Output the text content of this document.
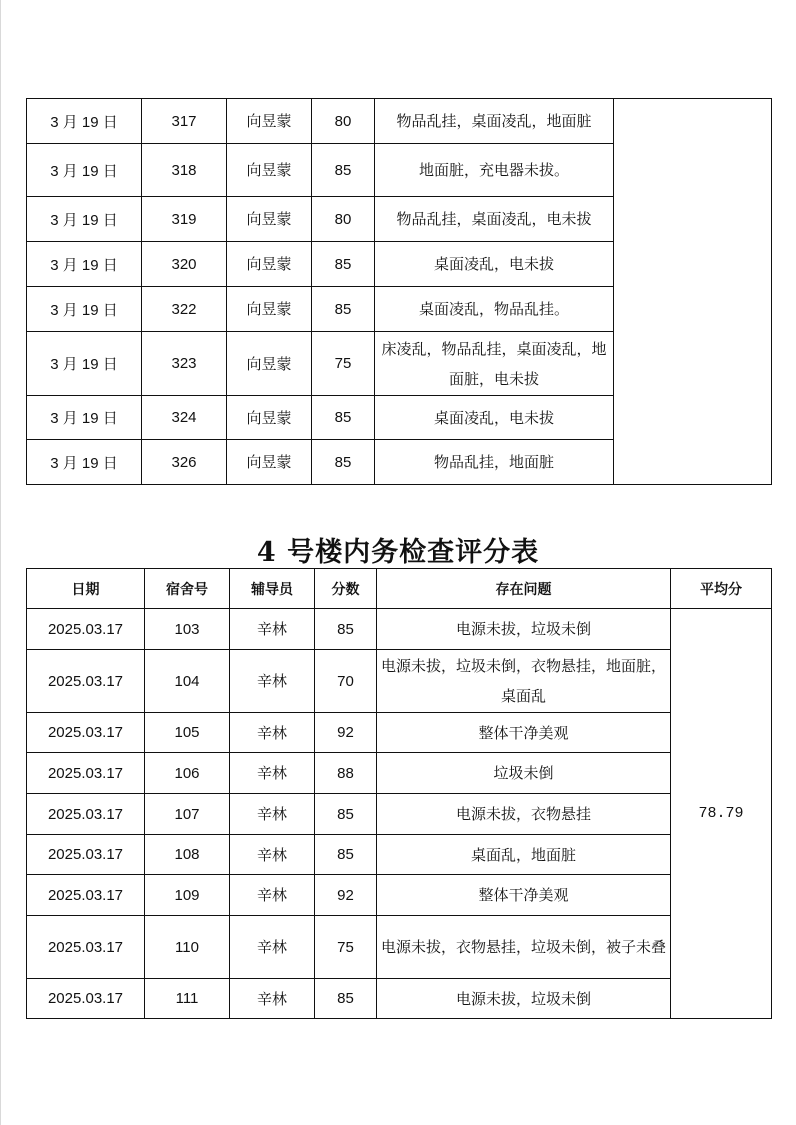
3 月 19 日	317	向昱蒙	80	物品乱挂，桌面凌乱，地面脏	
3 月 19 日	318	向昱蒙	85	地面脏，充电器未拔。	
3 月 19 日	319	向昱蒙	80	物品乱挂，桌面凌乱，电未拔	
3 月 19 日	320	向昱蒙	85	桌面凌乱，电未拔	
3 月 19 日	322	向昱蒙	85	桌面凌乱，物品乱挂。	
3 月 19 日	323	向昱蒙	75	床凌乱，物品乱挂，桌面凌乱，地面脏，电未拔	
3 月 19 日	324	向昱蒙	85	桌面凌乱，电未拔	
3 月 19 日	326	向昱蒙	85	物品乱挂，地面脏	
4 号楼内务检查评分表
日期	宿舍号	辅导员	分数	存在问题	平均分
2025.03.17	103	辛林	85	电源未拔，垃圾未倒	78.79
2025.03.17	104	辛林	70	电源未拔，垃圾未倒，衣物悬挂，地面脏，桌面乱	
2025.03.17	105	辛林	92	整体干净美观	
2025.03.17	106	辛林	88	垃圾未倒	
2025.03.17	107	辛林	85	电源未拔，衣物悬挂	
2025.03.17	108	辛林	85	桌面乱，地面脏	
2025.03.17	109	辛林	92	整体干净美观	
2025.03.17	110	辛林	75	电源未拔，衣物悬挂，垃圾未倒，被子未叠	
2025.03.17	111	辛林	85	电源未拔，垃圾未倒	
